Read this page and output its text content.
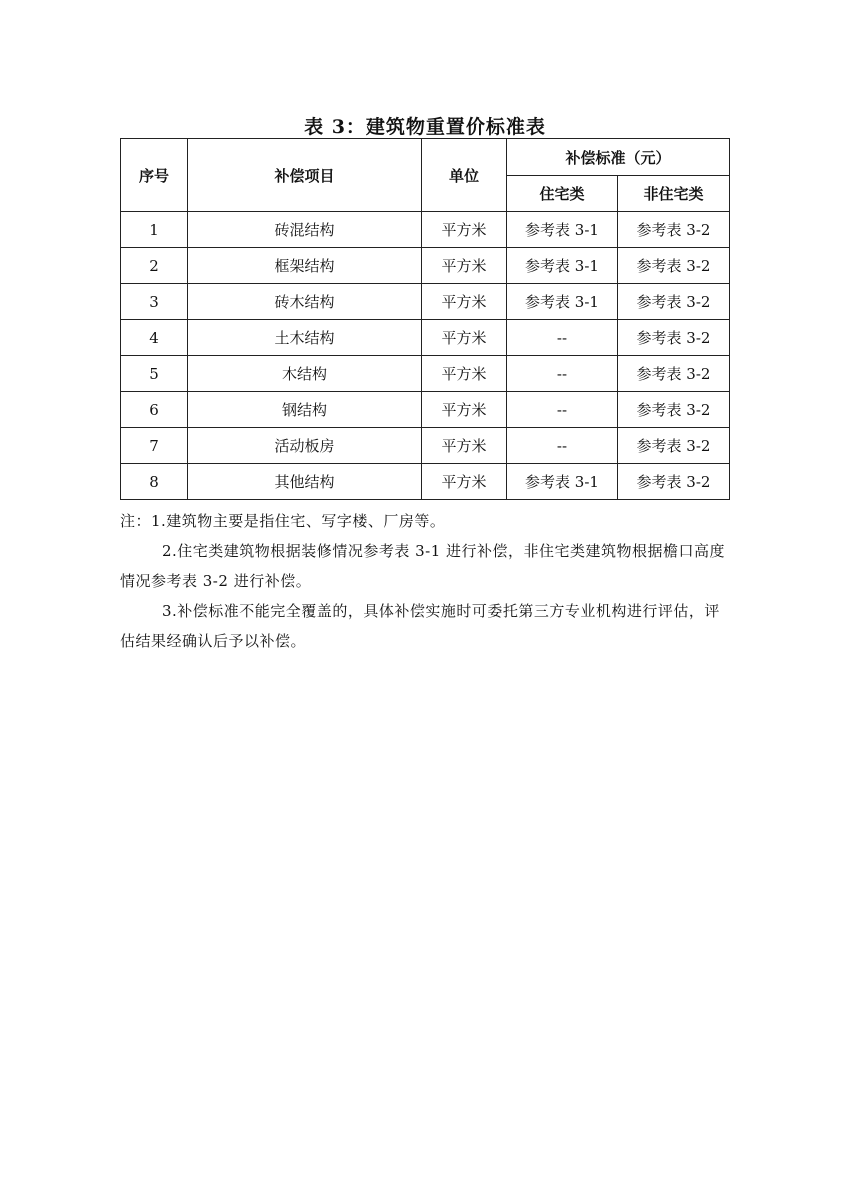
表 3：建筑物重置价标准表
序号	补偿项目	单位	补偿标准（元）	
			住宅类	非住宅类
1	砖混结构	平方米	参考表 3-1	参考表 3-2
2	框架结构	平方米	参考表 3-1	参考表 3-2
3	砖木结构	平方米	参考表 3-1	参考表 3-2
4	土木结构	平方米	--	参考表 3-2
5	木结构	平方米	--	参考表 3-2
6	钢结构	平方米	--	参考表 3-2
7	活动板房	平方米	--	参考表 3-2
8	其他结构	平方米	参考表 3-1	参考表 3-2

注：1.建筑物主要是指住宅、写字楼、厂房等。

2.住宅类建筑物根据装修情况参考表 3-1 进行补偿，非住宅类建筑物根据檐口高度情况参考表 3-2 进行补偿。

3.补偿标准不能完全覆盖的，具体补偿实施时可委托第三方专业机构进行评估，评估结果经确认后予以补偿。
